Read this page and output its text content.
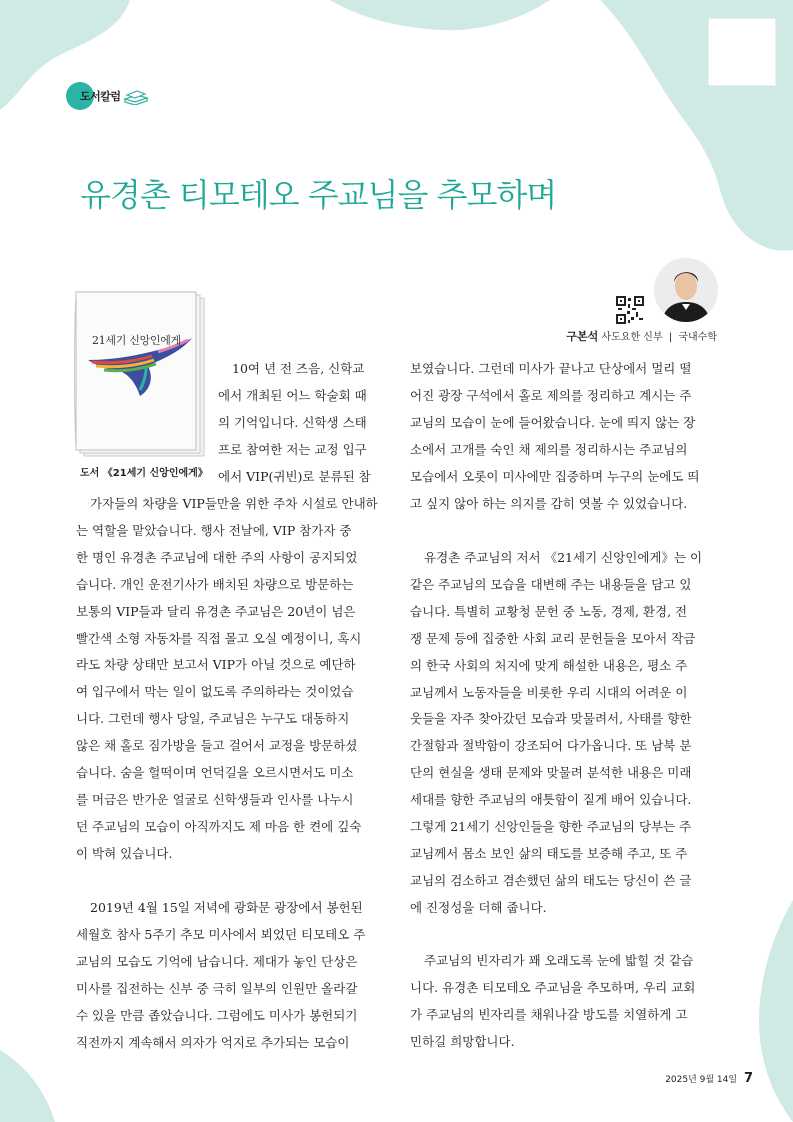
도서칼럼
유경촌 티모테오 주교님을 추모하며
구본석 사도요한 신부 | 국내수학
21세기 신앙인에게
도서 《21세기 신앙인에게》
10여 년 전 즈음, 신학교
에서 개최된 어느 학술회 때
의 기억입니다. 신학생 스태
프로 참여한 저는 교정 입구
에서 VIP(귀빈)로 분류된 참
가자들의 차량을 VIP들만을 위한 주차 시설로 안내하
는 역할을 맡았습니다. 행사 전날에, VIP 참가자 중
한 명인 유경촌 주교님에 대한 주의 사항이 공지되었
습니다. 개인 운전기사가 배치된 차량으로 방문하는
보통의 VIP들과 달리 유경촌 주교님은 20년이 넘은
빨간색 소형 자동차를 직접 몰고 오실 예정이니, 혹시
라도 차량 상태만 보고서 VIP가 아닐 것으로 예단하
여 입구에서 막는 일이 없도록 주의하라는 것이었습
니다. 그런데 행사 당일, 주교님은 누구도 대동하지
않은 채 홀로 짐가방을 들고 걸어서 교정을 방문하셨
습니다. 숨을 헐떡이며 언덕길을 오르시면서도 미소
를 머금은 반가운 얼굴로 신학생들과 인사를 나누시
던 주교님의 모습이 아직까지도 제 마음 한 켠에 깊숙
이 박혀 있습니다.
2019년 4월 15일 저녁에 광화문 광장에서 봉헌된
세월호 참사 5주기 추모 미사에서 뵈었던 티모테오 주
교님의 모습도 기억에 남습니다. 제대가 놓인 단상은
미사를 집전하는 신부 중 극히 일부의 인원만 올라갈
수 있을 만큼 좁았습니다. 그럼에도 미사가 봉헌되기
직전까지 계속해서 의자가 억지로 추가되는 모습이
보였습니다. 그런데 미사가 끝나고 단상에서 멀리 떨
어진 광장 구석에서 홀로 제의를 정리하고 계시는 주
교님의 모습이 눈에 들어왔습니다. 눈에 띄지 않는 장
소에서 고개를 숙인 채 제의를 정리하시는 주교님의
모습에서 오롯이 미사에만 집중하며 누구의 눈에도 띄
고 싶지 않아 하는 의지를 감히 엿볼 수 있었습니다.
유경촌 주교님의 저서 《21세기 신앙인에게》는 이
같은 주교님의 모습을 대변해 주는 내용들을 담고 있
습니다. 특별히 교황청 문헌 중 노동, 경제, 환경, 전
쟁 문제 등에 집중한 사회 교리 문헌들을 모아서 작금
의 한국 사회의 처지에 맞게 해설한 내용은, 평소 주
교님께서 노동자들을 비롯한 우리 시대의 어려운 이
웃들을 자주 찾아갔던 모습과 맞물려서, 사태를 향한
간절함과 절박함이 강조되어 다가옵니다. 또 남북 분
단의 현실을 생태 문제와 맞물려 분석한 내용은 미래
세대를 향한 주교님의 애틋함이 짙게 배어 있습니다.
그렇게 21세기 신앙인들을 향한 주교님의 당부는 주
교님께서 몸소 보인 삶의 태도를 보증해 주고, 또 주
교님의 검소하고 겸손했던 삶의 태도는 당신이 쓴 글
에 진정성을 더해 줍니다.
주교님의 빈자리가 꽤 오래도록 눈에 밟힐 것 같습
니다. 유경촌 티모테오 주교님을 추모하며, 우리 교회
가 주교님의 빈자리를 채워나갈 방도를 치열하게 고
민하길 희망합니다.
2025년 9월 14일 7
